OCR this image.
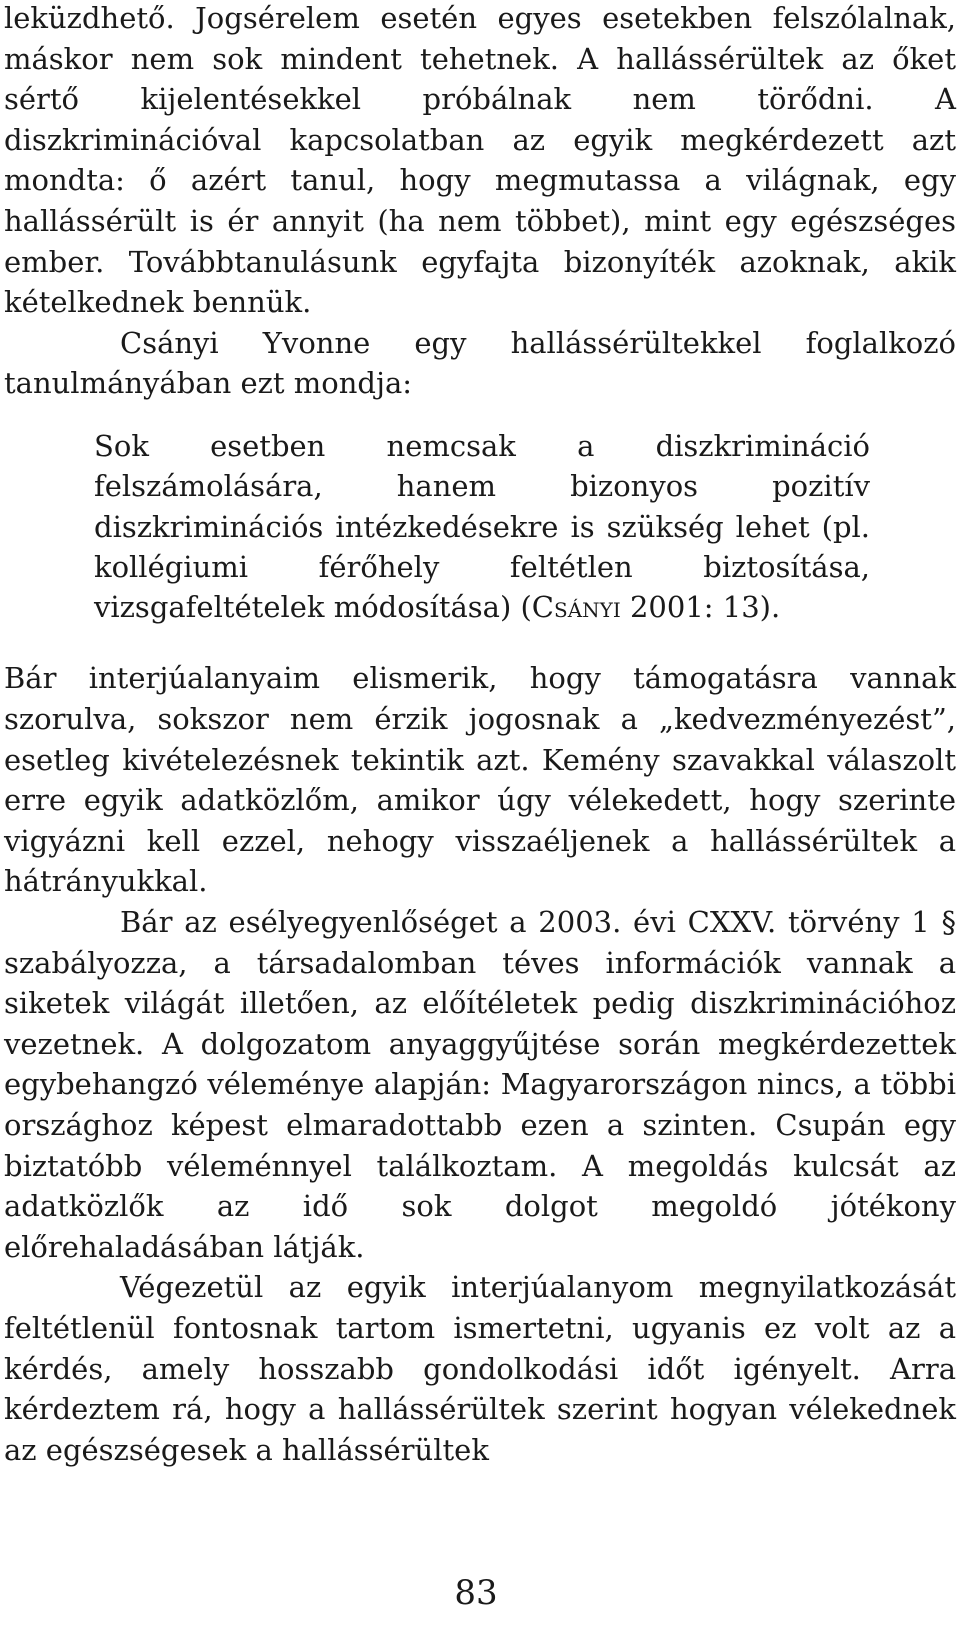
leküzdhető. Jogsérelem esetén egyes esetekben felszólalnak, máskor nem sok mindent tehetnek. A hallássérültek az őket sértő kijelentésekkel próbálnak nem törődni. A diszkriminációval kapcsolatban az egyik megkérdezett azt mondta: ő azért tanul, hogy megmutassa a világnak, egy hallássérült is ér annyit (ha nem többet), mint egy egészséges ember. Továbbtanulásunk egyfajta bizonyíték azoknak, akik kételkednek bennük.

Csányi Yvonne egy hallássérültekkel foglalkozó tanulmányában ezt mondja:

Sok esetben nemcsak a diszkrimináció felszámolására, hanem bizonyos pozitív diszkriminációs intézkedésekre is szükség lehet (pl. kollégiumi férőhely feltétlen biztosítása, vizsgafeltételek módosítása) (Csányi 2001: 13).

Bár interjúalanyaim elismerik, hogy támogatásra vannak szorulva, sokszor nem érzik jogosnak a „kedvezményezést”, esetleg kivételezésnek tekintik azt. Kemény szavakkal válaszolt erre egyik adatközlőm, amikor úgy vélekedett, hogy szerinte vigyázni kell ezzel, nehogy visszaéljenek a hallássérültek a hátrányukkal.

Bár az esélyegyenlőséget a 2003. évi CXXV. törvény 1 § szabályozza, a társadalomban téves információk vannak a siketek világát illetően, az előítéletek pedig diszkriminációhoz vezetnek. A dolgozatom anyaggyűjtése során megkérdezettek egybehangzó véleménye alapján: Magyarországon nincs, a többi országhoz képest elmaradottabb ezen a szinten. Csupán egy biztatóbb véleménnyel találkoztam. A megoldás kulcsát az adatközlők az idő sok dolgot megoldó jótékony előrehaladásában látják.

Végezetül az egyik interjúalanyom megnyilatkozását feltétlenül fontosnak tartom ismertetni, ugyanis ez volt az a kérdés, amely hosszabb gondolkodási időt igényelt. Arra kérdeztem rá, hogy a hallássérültek szerint hogyan vélekednek az egészségesek a hallássérültek

83
